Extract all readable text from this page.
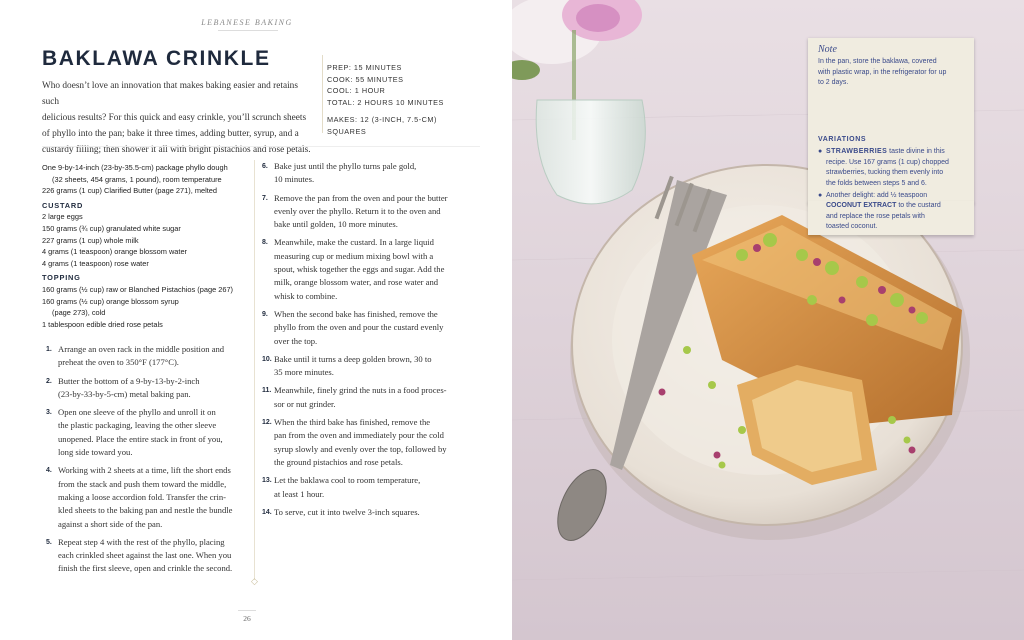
LEBANESE BAKING
BAKLAWA CRINKLE
Who doesn’t love an innovation that makes baking easier and retains such
delicious results? For this quick and easy crinkle, you’ll scrunch sheets
of phyllo into the pan; bake it three times, adding butter, syrup, and a
custardy filling; then shower it all with bright pistachios and rose petals.
PREP: 15 MINUTES
COOK: 55 MINUTES
COOL: 1 HOUR
TOTAL: 2 HOURS 10 MINUTES
MAKES: 12 (3-INCH, 7.5-CM)
SQUARES
One 9-by-14-inch (23-by-35.5-cm) package phyllo dough
(32 sheets, 454 grams, 1 pound), room temperature
226 grams (1 cup) Clarified Butter (page 271), melted
CUSTARD
2 large eggs
150 grams (¾ cup) granulated white sugar
227 grams (1 cup) whole milk
4 grams (1 teaspoon) orange blossom water
4 grams (1 teaspoon) rose water
TOPPING
160 grams (½ cup) raw or Blanched Pistachios (page 267)
160 grams (½ cup) orange blossom syrup
(page 273), cold
1 tablespoon edible dried rose petals
1. Arrange an oven rack in the middle position and
preheat the oven to 350°F (177°C).
2. Butter the bottom of a 9-by-13-by-2-inch
(23-by-33-by-5-cm) metal baking pan.
3. Open one sleeve of the phyllo and unroll it on
the plastic packaging, leaving the other sleeve
unopened. Place the entire stack in front of you,
long side toward you.
4. Working with 2 sheets at a time, lift the short ends
from the stack and push them toward the middle,
making a loose accordion fold. Transfer the crin-
kled sheets to the baking pan and nestle the bundle
against a short side of the pan.
5. Repeat step 4 with the rest of the phyllo, placing
each crinkled sheet against the last one. When you
finish the first sleeve, open and crinkle the second.
◇
6. Bake just until the phyllo turns pale gold,
10 minutes.
7. Remove the pan from the oven and pour the butter
evenly over the phyllo. Return it to the oven and
bake until golden, 10 more minutes.
8. Meanwhile, make the custard. In a large liquid
measuring cup or medium mixing bowl with a
spout, whisk together the eggs and sugar. Add the
milk, orange blossom water, and rose water and
whisk to combine.
9. When the second bake has finished, remove the
phyllo from the oven and pour the custard evenly
over the top.
10. Bake until it turns a deep golden brown, 30 to
35 more minutes.
11. Meanwhile, finely grind the nuts in a food proces-
sor or nut grinder.
12. When the third bake has finished, remove the
pan from the oven and immediately pour the cold
syrup slowly and evenly over the top, followed by
the ground pistachios and rose petals.
13. Let the baklawa cool to room temperature,
at least 1 hour.
14. To serve, cut it into twelve 3-inch squares.
26
Note
In the pan, store the baklawa, covered
with plastic wrap, in the refrigerator for up
to 2 days.
VARIATIONS
● STRAWBERRIES taste divine in this
recipe. Use 167 grams (1 cup) chopped
strawberries, tucking them evenly into
the folds between steps 5 and 6.
● Another delight: add ½ teaspoon
COCONUT EXTRACT to the custard
and replace the rose petals with
toasted coconut.
